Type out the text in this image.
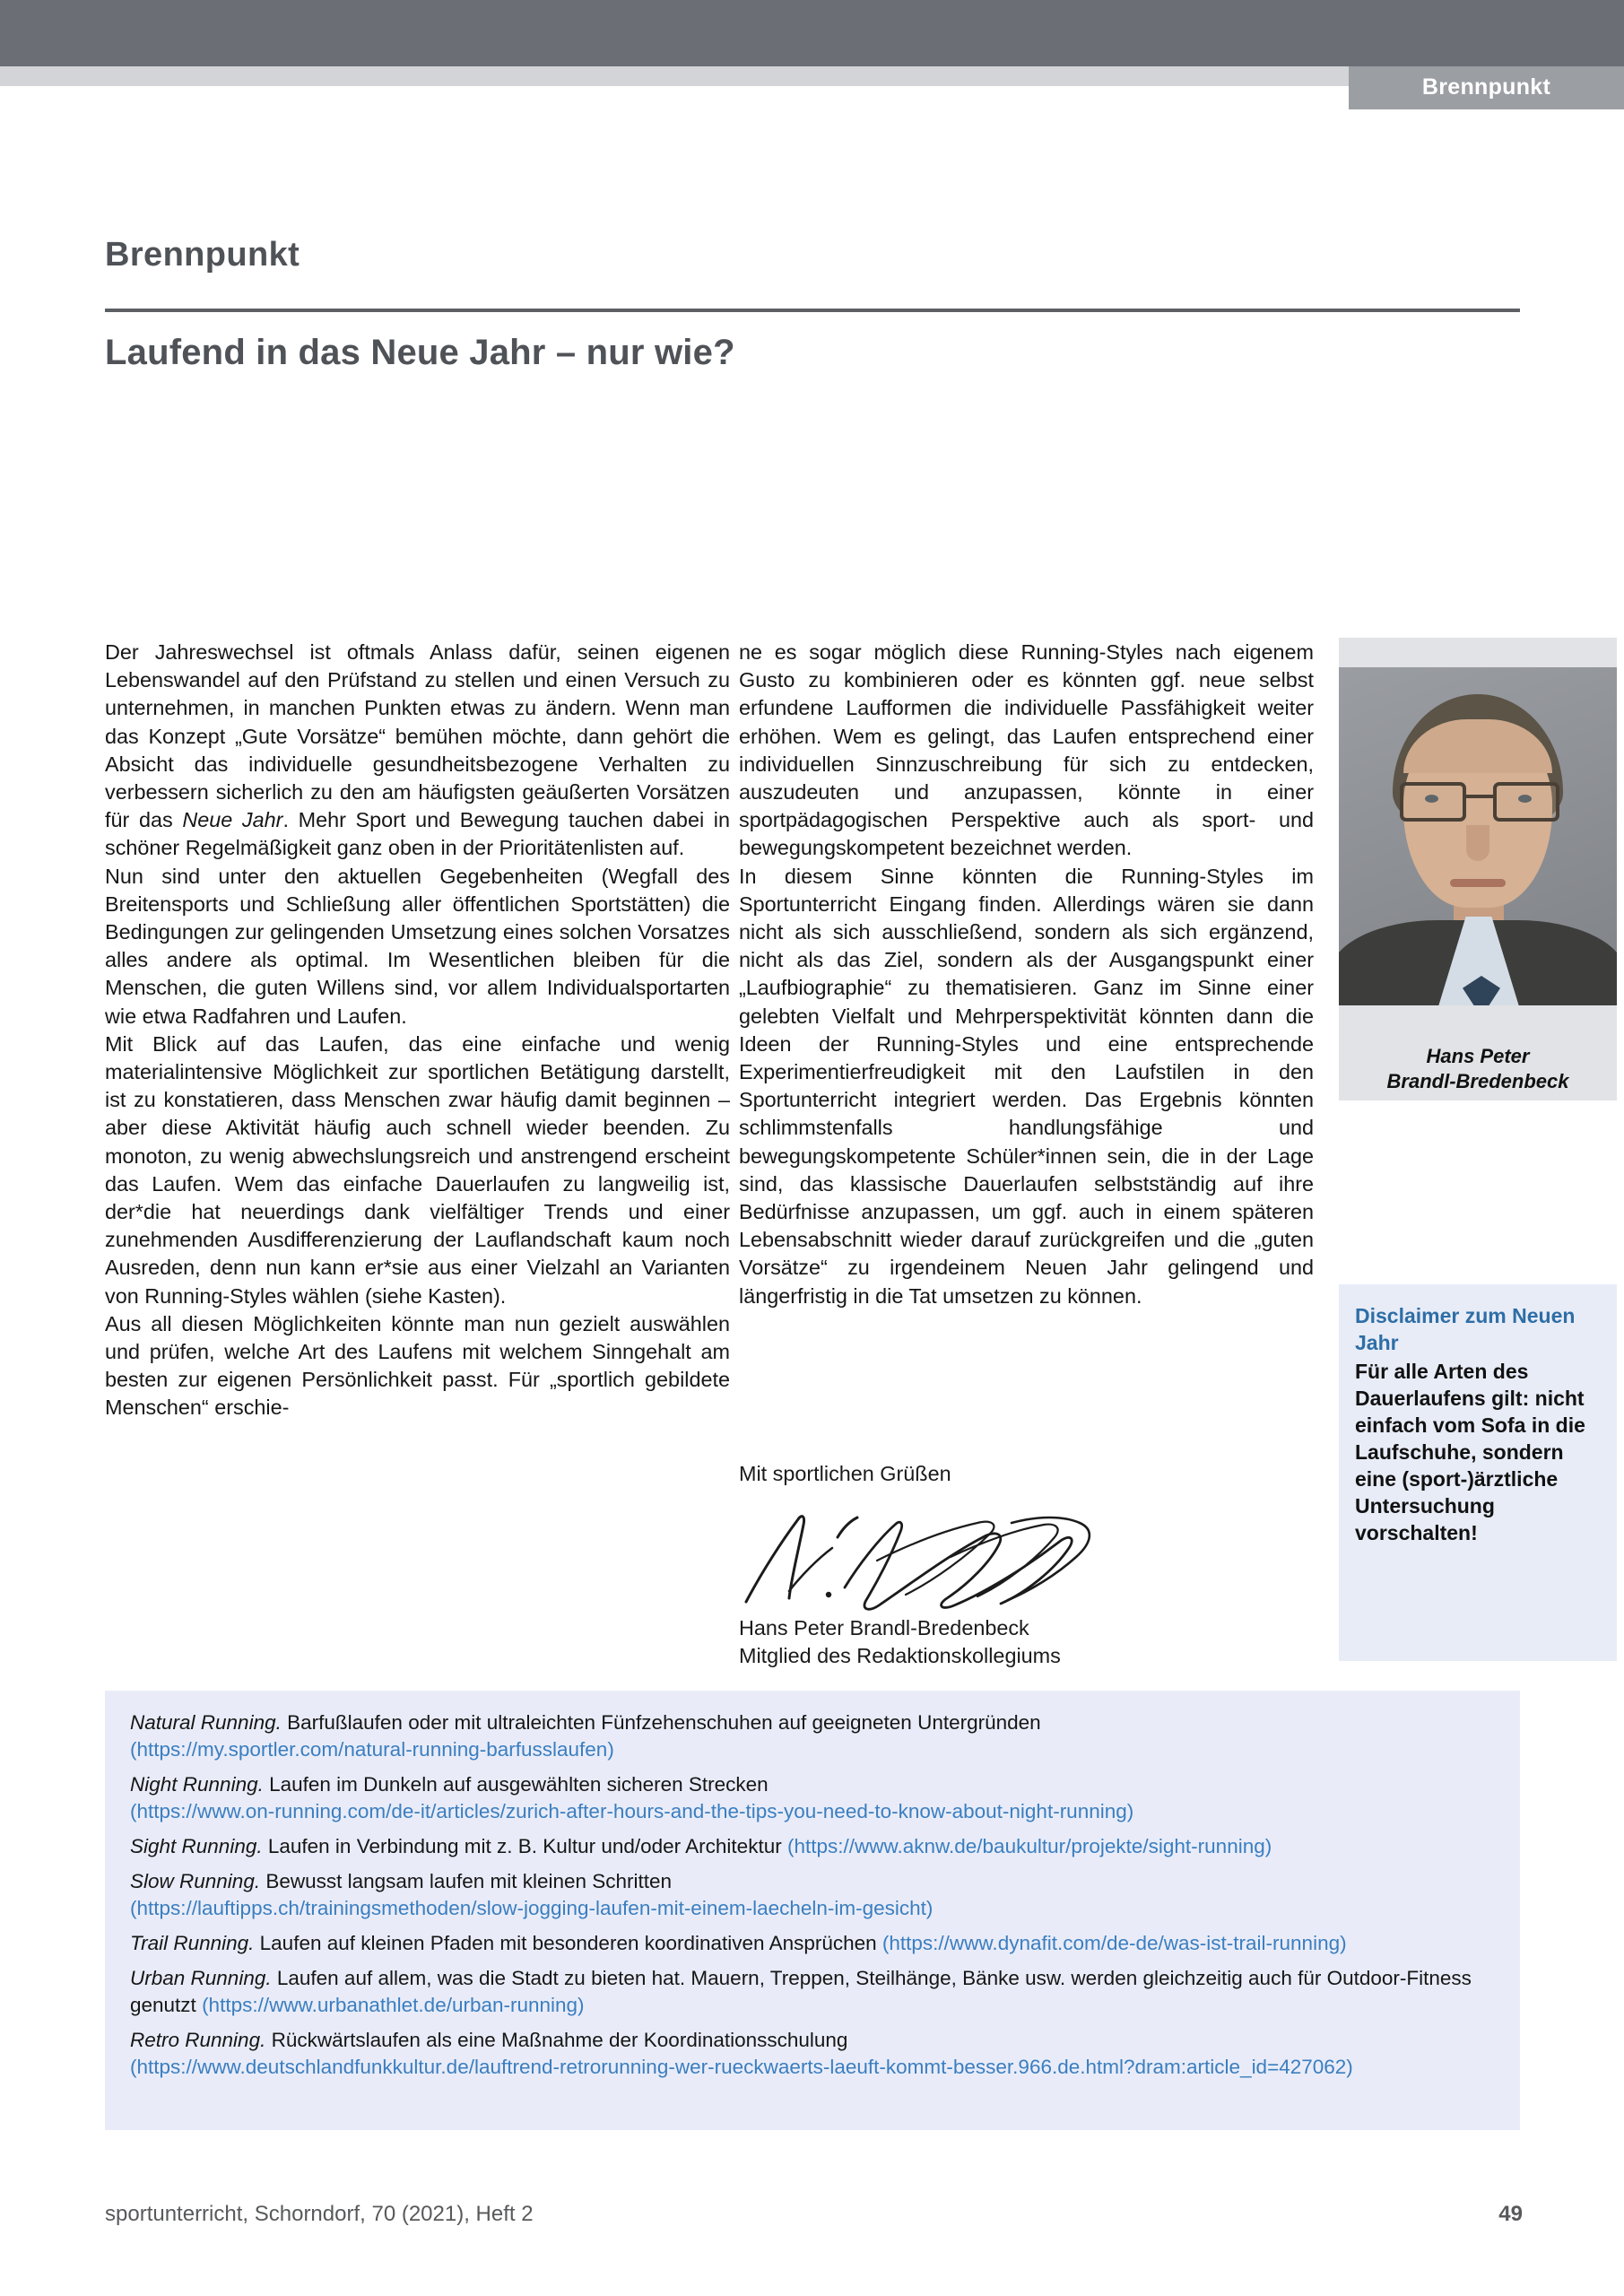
Brennpunkt
Brennpunkt
Laufend in das Neue Jahr – nur wie?

Der Jahreswechsel ist oftmals Anlass dafür, seinen eigenen Lebenswandel auf den Prüfstand zu stellen und einen Versuch zu unternehmen, in manchen Punkten etwas zu ändern. Wenn man das Konzept „Gute Vorsätze“ bemühen möchte, dann gehört die Absicht das individuelle gesundheitsbezogene Verhalten zu verbessern sicherlich zu den am häufigsten geäußerten Vorsätzen für das Neue Jahr. Mehr Sport und Bewegung tauchen dabei in schöner Regelmäßigkeit ganz oben in der Prioritätenlisten auf.

Nun sind unter den aktuellen Gegebenheiten (Wegfall des Breitensports und Schließung aller öffentlichen Sportstätten) die Bedingungen zur gelingenden Umsetzung eines solchen Vorsatzes alles andere als optimal. Im Wesentlichen bleiben für die Menschen, die guten Willens sind, vor allem Individualsportarten wie etwa Radfahren und Laufen.

Mit Blick auf das Laufen, das eine einfache und wenig materialintensive Möglichkeit zur sportlichen Betätigung darstellt, ist zu konstatieren, dass Menschen zwar häufig damit beginnen – aber diese Aktivität häufig auch schnell wieder beenden. Zu monoton, zu wenig abwechslungsreich und anstrengend erscheint das Laufen. Wem das einfache Dauerlaufen zu langweilig ist, der*die hat neuerdings dank vielfältiger Trends und einer zunehmenden Ausdifferenzierung der Lauflandschaft kaum noch Ausreden, denn nun kann er*sie aus einer Vielzahl an Varianten von Running-Styles wählen (siehe Kasten).

Aus all diesen Möglichkeiten könnte man nun gezielt auswählen und prüfen, welche Art des Laufens mit welchem Sinngehalt am besten zur eigenen Persönlichkeit passt. Für „sportlich gebildete Menschen“ erschie-

ne es sogar möglich diese Running-Styles nach eigenem Gusto zu kombinieren oder es könnten ggf. neue selbst erfundene Laufformen die individuelle Passfähigkeit weiter erhöhen. Wem es gelingt, das Laufen entsprechend einer individuellen Sinnzuschreibung für sich zu entdecken, auszudeuten und anzupassen, könnte in einer sportpädagogischen Perspektive auch als sport- und bewegungskompetent bezeichnet werden.

In diesem Sinne könnten die Running-Styles im Sportunterricht Eingang finden. Allerdings wären sie dann nicht als sich ausschließend, sondern als sich ergänzend, nicht als das Ziel, sondern als der Ausgangspunkt einer „Laufbiographie“ zu thematisieren. Ganz im Sinne einer gelebten Vielfalt und Mehrperspektivität könnten dann die Ideen der Running-Styles und eine entsprechende Experimentierfreudigkeit mit den Laufstilen in den Sportunterricht integriert werden. Das Ergebnis könnten schlimmstenfalls handlungsfähige und bewegungskompetente Schüler*innen sein, die in der Lage sind, das klassische Dauerlaufen selbstständig auf ihre Bedürfnisse anzupassen, um ggf. auch in einem späteren Lebensabschnitt wieder darauf zurückgreifen und die „guten Vorsätze“ zu irgendeinem Neuen Jahr gelingend und längerfristig in die Tat umsetzen zu können.

Mit sportlichen Grüßen
Hans Peter Brandl-Bredenbeck
Mitglied des Redaktionskollegiums
Hans Peter
Brandl-Bredenbeck
Disclaimer zum Neuen Jahr
Für alle Arten des Dauerlaufens gilt: nicht einfach vom Sofa in die Laufschuhe, sondern eine (sport-)ärztliche Untersuchung vorschalten!
Natural Running. Barfußlaufen oder mit ultraleichten Fünfzehenschuhen auf geeigneten Untergründen
(https://my.sportler.com/natural-running-barfusslaufen)
Night Running. Laufen im Dunkeln auf ausgewählten sicheren Strecken
(https://www.on-running.com/de-it/articles/zurich-after-hours-and-the-tips-you-need-to-know-about-night-running)
Sight Running. Laufen in Verbindung mit z. B. Kultur und/oder Architektur (https://www.aknw.de/baukultur/projekte/sight-running)
Slow Running. Bewusst langsam laufen mit kleinen Schritten
(https://lauftipps.ch/trainingsmethoden/slow-jogging-laufen-mit-einem-laecheln-im-gesicht)
Trail Running. Laufen auf kleinen Pfaden mit besonderen koordinativen Ansprüchen (https://www.dynafit.com/de-de/was-ist-trail-running)
Urban Running. Laufen auf allem, was die Stadt zu bieten hat. Mauern, Treppen, Steilhänge, Bänke usw. werden gleichzeitig auch für Outdoor-Fitness genutzt (https://www.urbanathlet.de/urban-running)
Retro Running. Rückwärtslaufen als eine Maßnahme der Koordinationsschulung
(https://www.deutschlandfunkkultur.de/lauftrend-retrorunning-wer-rueckwaerts-laeuft-kommt-besser.966.de.html?dram:article_id=427062)
sportunterricht, Schorndorf, 70 (2021), Heft 2	49
